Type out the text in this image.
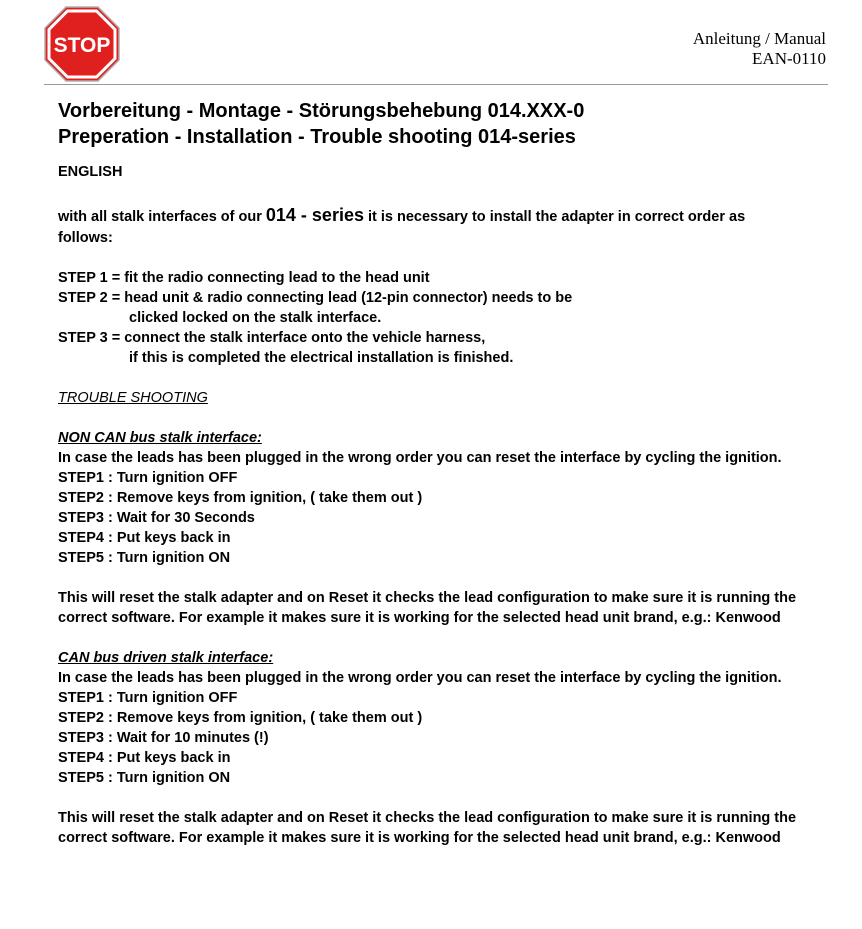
STOP	Anleitung / Manual
EAN-0110
Vorbereitung - Montage - Störungsbehebung 014.XXX-0
Preperation - Installation - Trouble shooting 014-series
ENGLISH
with all stalk interfaces of our 014 - series it is necessary to install the adapter in correct order as
follows:
STEP 1 = fit the radio connecting lead to the head unit
STEP 2 = head unit & radio connecting lead (12-pin connector) needs to be
clicked locked on the stalk interface.
STEP 3 = connect the stalk interface onto the vehicle harness,
if this is completed the electrical installation is finished.
TROUBLE SHOOTING
NON CAN bus stalk interface:
In case the leads has been plugged in the wrong order you can reset the interface by cycling the ignition.
STEP1 : Turn ignition OFF
STEP2 : Remove keys from ignition, ( take them out )
STEP3 : Wait for 30 Seconds
STEP4 : Put keys back in
STEP5 : Turn ignition ON
This will reset the stalk adapter and on Reset it checks the lead configuration to make sure it is running the
correct software. For example it makes sure it is working for the selected head unit brand, e.g.: Kenwood
CAN bus driven stalk interface:
In case the leads has been plugged in the wrong order you can reset the interface by cycling the ignition.
STEP1 : Turn ignition OFF
STEP2 : Remove keys from ignition, ( take them out )
STEP3 : Wait for 10 minutes (!)
STEP4 : Put keys back in
STEP5 : Turn ignition ON
This will reset the stalk adapter and on Reset it checks the lead configuration to make sure it is running the
correct software. For example it makes sure it is working for the selected head unit brand, e.g.: Kenwood
